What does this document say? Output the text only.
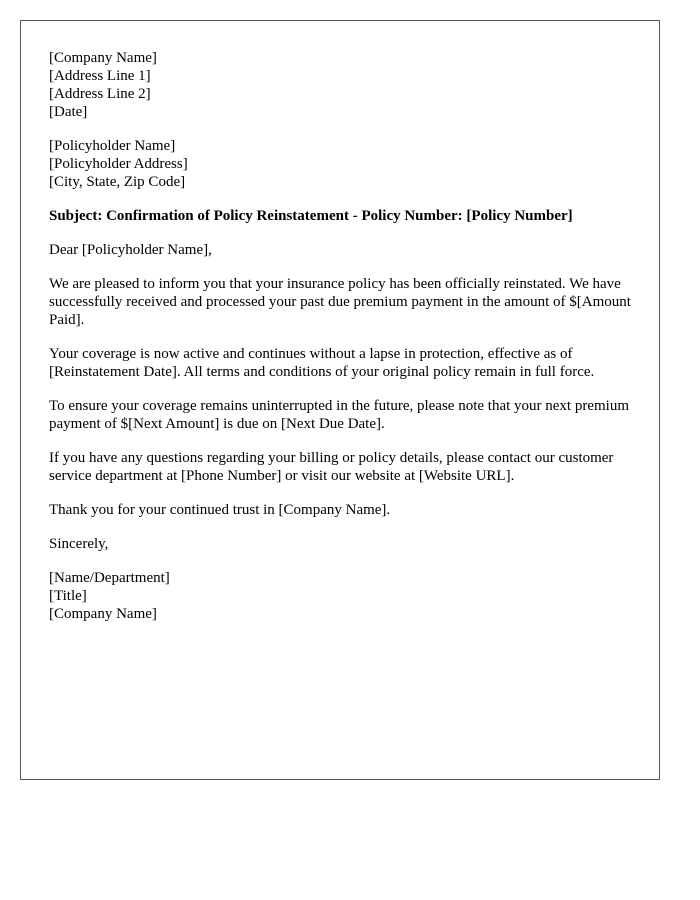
[Company Name]
[Address Line 1]
[Address Line 2]
[Date]
[Policyholder Name]
[Policyholder Address]
[City, State, Zip Code]

Subject: Confirmation of Policy Reinstatement - Policy Number: [Policy Number]

Dear [Policyholder Name],

We are pleased to inform you that your insurance policy has been officially reinstated. We have successfully received and processed your past due premium payment in the amount of $[Amount Paid].

Your coverage is now active and continues without a lapse in protection, effective as of [Reinstatement Date]. All terms and conditions of your original policy remain in full force.

To ensure your coverage remains uninterrupted in the future, please note that your next premium payment of $[Next Amount] is due on [Next Due Date].

If you have any questions regarding your billing or policy details, please contact our customer service department at [Phone Number] or visit our website at [Website URL].

Thank you for your continued trust in [Company Name].

Sincerely,

[Name/Department]
[Title]
[Company Name]
